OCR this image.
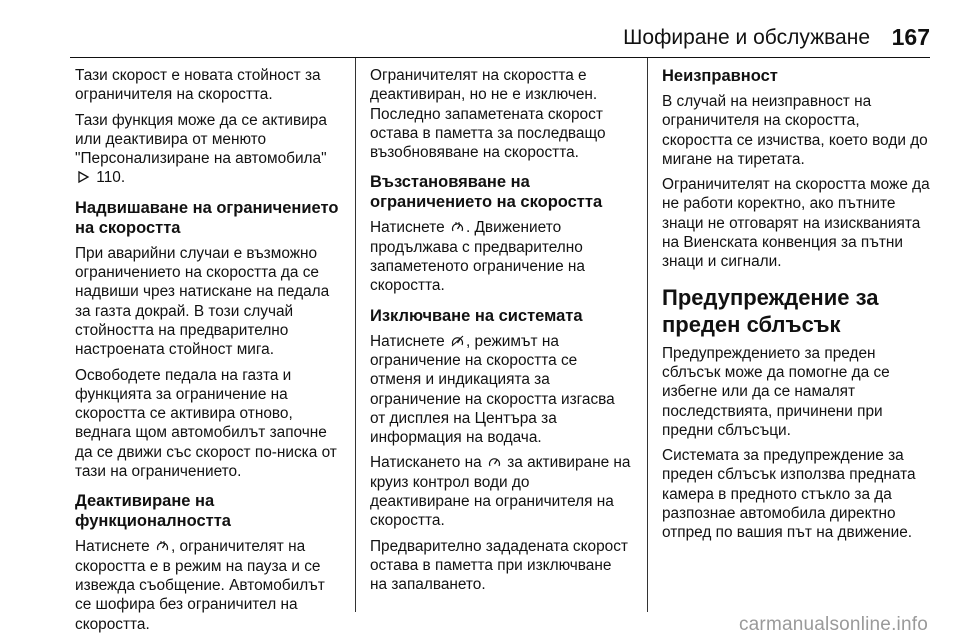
Шофиране и обслужване 167

Тази скорост е новата стойност за ограничителя на скоростта.

Тази функция може да се активира или деактивира от менюто "Персонализиране на автомобила"

110.

Надвишаване на ограничението на скоростта

При аварийни случаи е възможно ограничението на скоростта да се надвиши чрез натискане на педала за газта докрай. В този случай стойността на предварително настроената стойност мига.

Освободете педала на газта и функцията за ограничение на скоростта се активира отново, веднага щом автомобилът започне да се движи със скорост по-ниска от тази на ограничението.

Деактивиране на функционалността

Натиснете , ограничителят на скоростта е в режим на пауза и се извежда съобщение. Автомобилът се шофира без ограничител на скоростта.

Ограничителят на скоростта е деактивиран, но не е изключен. Последно запаметената скорост остава в паметта за последващо възобновяване на скоростта.

Възстановяване на ограничението на скоростта

Натиснете . Движението продължава с предварително запаметеното ограничение на скоростта.

Изключване на системата

Натиснете , режимът на ограничение на скоростта се отменя и индикацията за ограничение на скоростта изгасва от дисплея на Центъра за информация на водача.

Натискането на за активиране на круиз контрол води до деактивиране на ограничителя на скоростта.

Предварително зададената скорост остава в паметта при изключване на запалването.

Неизправност

В случай на неизправност на ограничителя на скоростта, скоростта се изчиства, което води до мигане на тиретата.

Ограничителят на скоростта може да не работи коректно, ако пътните знаци не отговарят на изискванията на Виенската конвенция за пътни знаци и сигнали.

Предупреждение за преден сблъсък

Предупреждението за преден сблъсък може да помогне да се избегне или да се намалят последствията, причинени при предни сблъсъци.

Системата за предупреждение за преден сблъсък използва предната камера в предното стъкло за да разпознае автомобила директно отпред по вашия път на движение.

carmanualsonline.info
